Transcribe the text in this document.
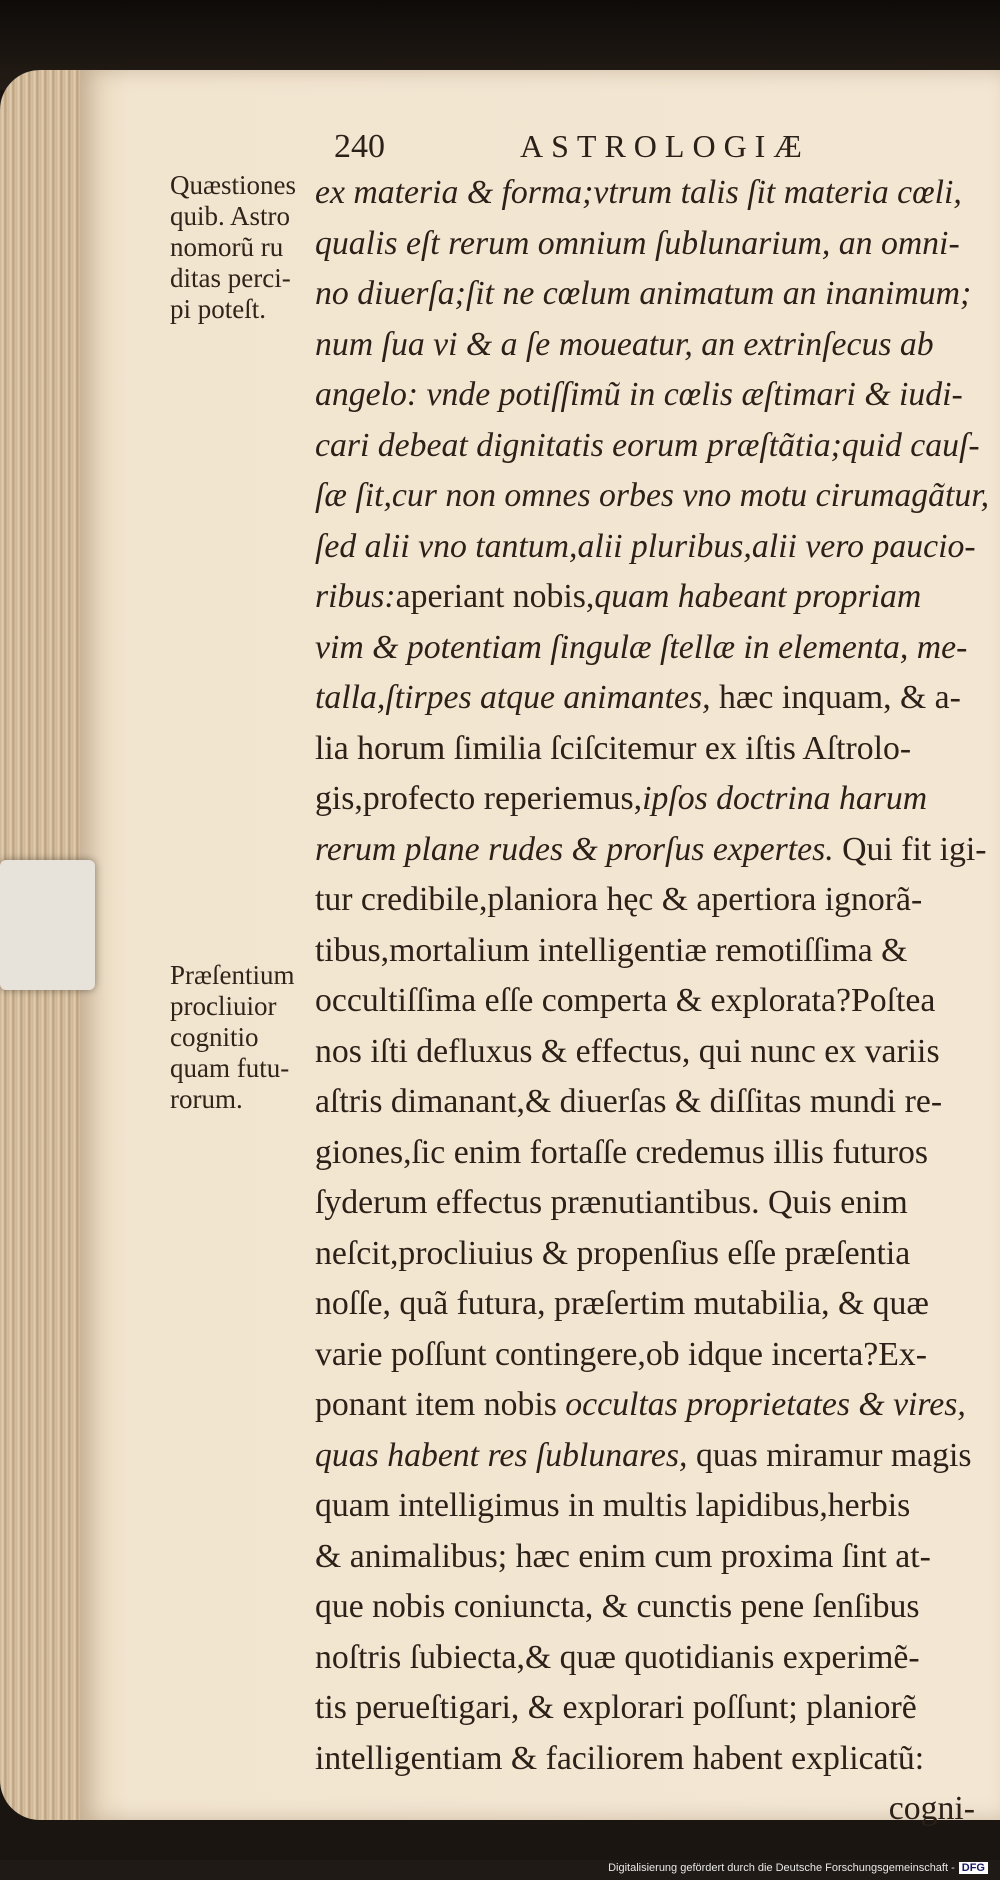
240	ASTROLOGIÆ
Quæstiones quib. Astro nomorũ ru ditas perci- pi poteſt.
Præſentium procliuior cognitio quam futu- rorum.
ex materia & forma;vtrum talis ſit materia cœli,
qualis eſt rerum omnium ſublunarium, an omni-
no diuerſa;ſit ne cœlum animatum an inanimum;
num ſua vi & a ſe moueatur, an extrinſecus ab
angelo: vnde potiſſimũ in cœlis æſtimari & iudi-
cari debeat dignitatis eorum præſtãtia;quid cauſ-
ſæ ſit,cur non omnes orbes vno motu cirumagãtur,
ſed alii vno tantum,alii pluribus,alii vero paucio-
ribus:aperiant nobis,quam habeant propriam
vim & potentiam ſingulæ ſtellæ in elementa, me-
talla,ſtirpes atque animantes, hæc inquam, & a-
lia horum ſimilia ſciſcitemur ex iſtis Aſtrolo-
gis,profecto reperiemus,ipſos doctrina harum
rerum plane rudes & prorſus expertes. Qui fit igi-
tur credibile,planiora hęc & apertiora ignorã-
tibus,mortalium intelligentiæ remotiſſima &
occultiſſima eſſe comperta & explorata?Poſtea
nos iſti defluxus & effectus, qui nunc ex variis
aſtris dimanant,& diuerſas & diſſitas mundi re-
giones,ſic enim fortaſſe credemus illis futuros
ſyderum effectus prænutiantibus. Quis enim
neſcit,procliuius & propenſius eſſe præſentia
noſſe, quã futura, præſertim mutabilia, & quæ
varie poſſunt contingere,ob idque incerta?Ex-
ponant item nobis occultas proprietates & vires,
quas habent res ſublunares, quas miramur magis
quam intelligimus in multis lapidibus,herbis
& animalibus; hæc enim cum proxima ſint at-
que nobis coniuncta, & cunctis pene ſenſibus
noſtris ſubiecta,& quæ quotidianis experimẽ-
tis perueſtigari, & explorari poſſunt; planiorẽ
intelligentiam & faciliorem habent explicatũ:
cogni-
Digitalisierung gefördert durch die Deutsche Forschungsgemeinschaft - DFG
